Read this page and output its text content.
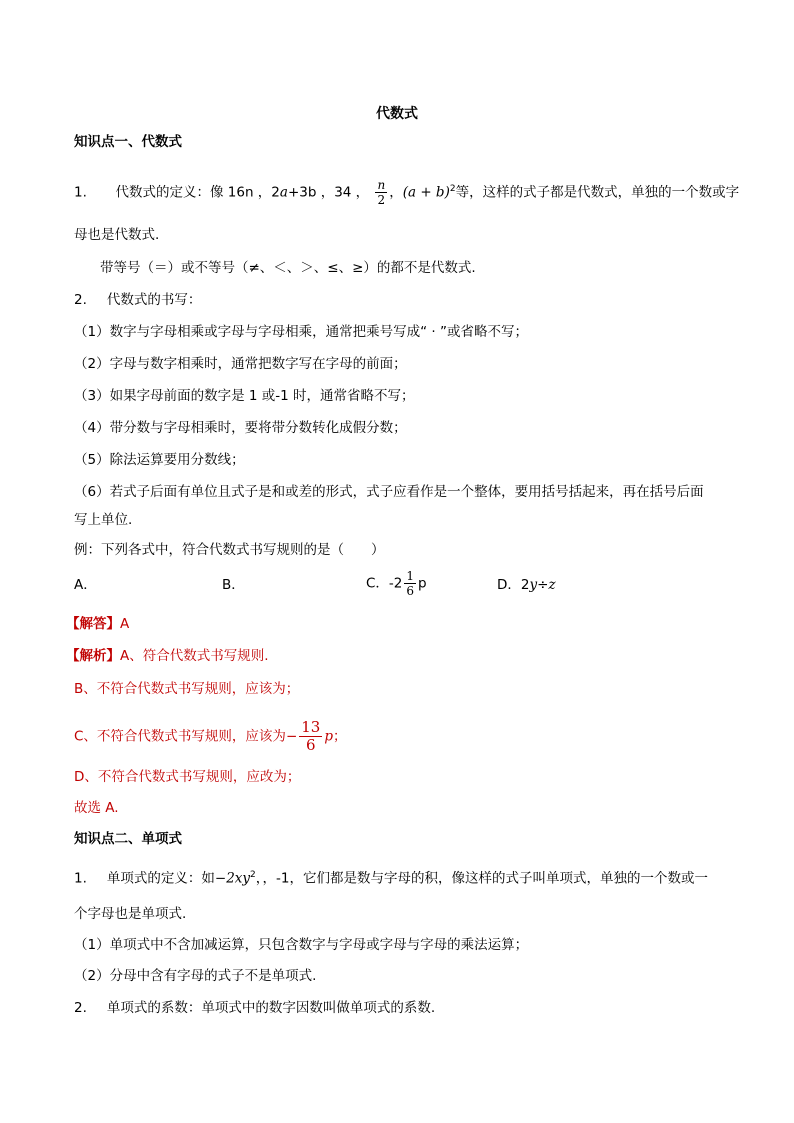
代数式
知识点一、代数式
1. 代数式的定义：像 16n ，2a+3b ，34 ， $\frac{n}{2}$ ，$(a + b)^2$等，这样的式子都是代数式，单独的一个数或字
母也是代数式.
带等号（＝）或不等号（≠、＜、＞、≤、≥）的都不是代数式.
2. 代数式的书写：
（1）数字与字母相乘或字母与字母相乘，通常把乘号写成“ · ”或省略不写；
（2）字母与数字相乘时，通常把数字写在字母的前面；
（3）如果字母前面的数字是 1 或-1 时，通常省略不写；
（4）带分数与字母相乘时，要将带分数转化成假分数；
（5）除法运算要用分数线；
（6）若式子后面有单位且式子是和或差的形式，式子应看作是一个整体，要用括号括起来，再在括号后面
写上单位.
例：下列各式中，符合代数式书写规则的是（　　）
A．	B．	C．$-2 \frac{1}{6}$ p	D．2y÷z
【解答】A
【解析】A、符合代数式书写规则.
B、不符合代数式书写规则，应该为；
C、不符合代数式书写规则，应该为− $\frac{13}{6}$ p；
D、不符合代数式书写规则，应改为；
故选 A.
知识点二、单项式
1. 单项式的定义：如$-2xy^2$，，-1，它们都是数与字母的积，像这样的式子叫单项式，单独的一个数或一
个字母也是单项式.
（1）单项式中不含加减运算，只包含数字与字母或字母与字母的乘法运算；
（2）分母中含有字母的式子不是单项式.
2. 单项式的系数：单项式中的数字因数叫做单项式的系数.
